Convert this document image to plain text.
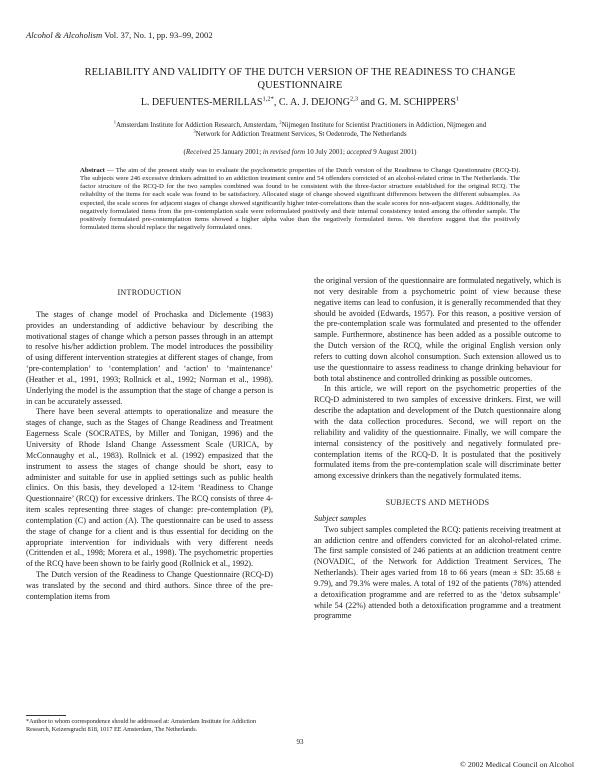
Alcohol & Alcoholism Vol. 37, No. 1, pp. 93–99, 2002
RELIABILITY AND VALIDITY OF THE DUTCH VERSION OF THE READINESS TO CHANGE QUESTIONNAIRE
L. DEFUENTES-$MERILLAS^{1,2*}$, C. A. J. DEJONG$^{2,3}$ and G. M. SCHIPPERS$^1$
$^1$Amsterdam Institute for Addiction Research, Amsterdam, $^2$Nijmegen Institute for Scientist Practitioners in Addiction, Nijmegen and
$^3$Network for Addiction Treatment Services, St Oedenrode, The Netherlands
(Received 25 January 2001; in revised form 10 July 2001; accepted 9 August 2001)
Abstract — The aim of the present study was to evaluate the psychometric properties of the Dutch version of the Readiness to Change Questionnaire (RCQ-D). The subjects were 246 excessive drinkers admitted to an addiction treatment centre and 54 offenders convicted of an alcohol-related crime in The Netherlands. The factor structure of the RCQ-D for the two samples combined was found to be consistent with the three-factor structure established for the original RCQ. The reliability of the items for each scale was found to be satisfactory. Allocated stage of change showed significant differences between the different subsamples. As expected, the scale scores for adjacent stages of change showed significantly higher inter-correlations than the scale scores for non-adjacent stages. Additionally, the negatively formulated items from the pre-contemplation scale were reformulated positively and their internal consistency tested among the offender sample. The positively formulated pre-contemplation items showed a higher alpha value than the negatively formulated items. We therefore suggest that the positively formulated items should replace the negatively formulated ones.
INTRODUCTION

The stages of change model of Prochaska and Diclemente (1983) provides an understanding of addictive behaviour by describing the motivational stages of change which a person passes through in an attempt to resolve his/her addiction problem. The model introduces the possibility of using different intervention strategies at different stages of change, from ‘pre-contemplation’ to ‘contemplation’ and ‘action’ to ‘maintenance’ (Heather et al., 1991, 1993; Rollnick et al., 1992; Norman et al., 1998). Underlying the model is the assumption that the stage of change a person is in can be accurately assessed.

There have been several attempts to operationalize and measure the stages of change, such as the Stages of Change Readiness and Treatment Eagerness Scale (SOCRATES, by Miller and Tonigan, 1996) and the University of Rhode Island Change Assessment Scale (URICA, by McConnaughy et al., 1983). Rollnick et al. (1992) empasized that the instrument to assess the stages of change should be short, easy to administer and suitable for use in applied settings such as public health clinics. On this basis, they developed a 12-item ‘Readiness to Change Questionnaire’ (RCQ) for excessive drinkers. The RCQ consists of three 4-item scales representing three stages of change: pre-contemplation (P), contemplation (C) and action (A). The questionnaire can be used to assess the stage of change for a client and is thus essential for deciding on the appropriate intervention for individuals with very different needs (Crittenden et al., 1998; Morera et al., 1998). The psychometric properties of the RCQ have been shown to be fairly good (Rollnick et al., 1992).

The Dutch version of the Readiness to Change Questionnaire (RCQ-D) was translated by the second and third authors. Since three of the pre-contemplation items from

the original version of the questionnaire are formulated negatively, which is not very desirable from a psychometric point of view because these negative items can lead to confusion, it is generally recommended that they should be avoided (Edwards, 1957). For this reason, a positive version of the pre-contemplation scale was formulated and presented to the offender sample. Furthermore, abstinence has been added as a possible outcome to the Dutch version of the RCQ, while the original English version only refers to cutting down alcohol consumption. Such extension allowed us to use the questionnaire to assess readiness to change drinking behaviour for both total abstinence and controlled drinking as possible outcomes.

In this article, we will report on the psychometric properties of the RCQ-D administered to two samples of excessive drinkers. First, we will describe the adaptation and development of the Dutch questionnaire along with the data collection procedures. Second, we will report on the reliability and validity of the questionnaire. Finally, we will compare the internal consistency of the positively and negatively formulated pre-contemplation items of the RCQ-D. It is postulated that the positively formulated items from the pre-contemplation scale will discriminate better among excessive drinkers than the negatively formulated items.

SUBJECTS AND METHODS
Subject samples

Two subject samples completed the RCQ: patients receiving treatment at an addiction centre and offenders convicted for an alcohol-related crime. The first sample consisted of 246 patients at an addiction treatment centre (NOVADIC, of the Network for Addiction Treatment Services, The Netherlands). Their ages varied from 18 to 66 years (mean ± SD: 35.68 ± 9.79), and 79.3% were males. A total of 192 of the patients (78%) attended a detoxification programme and are referred to as the ‘detox subsample’ while 54 (22%) attended both a detoxification programme and a treatment programme

*Author to whom correspondence should be addressed at: Amsterdam Institute for Addiction Research, Keizersgracht 818, 1017 EE Amsterdam, The Netherlands.
93
© 2002 Medical Council on Alcohol
